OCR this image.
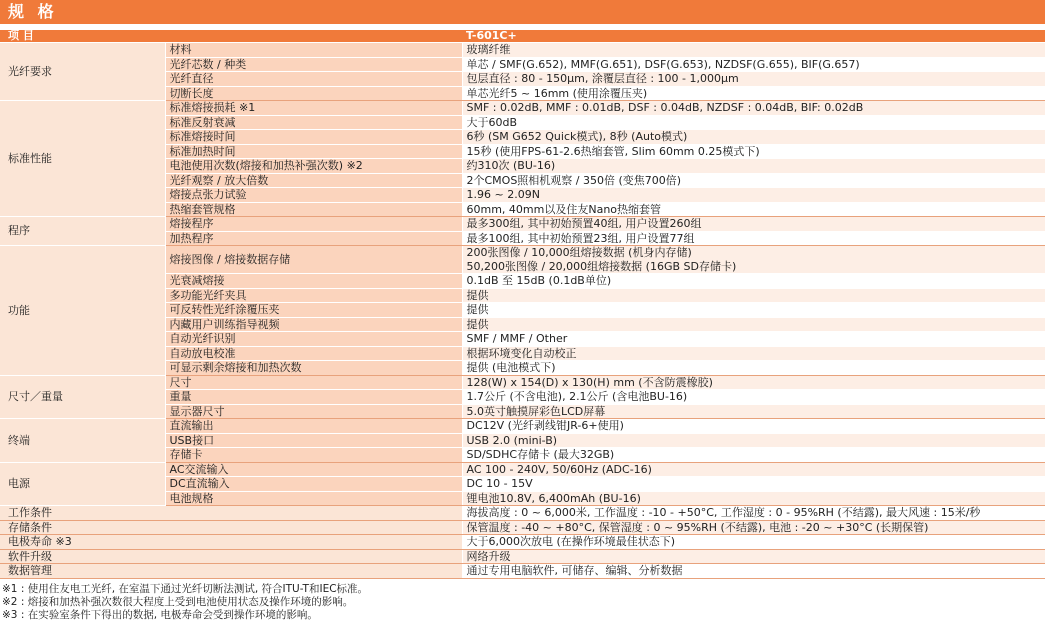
规 格
项 目		T-601C+
光纤要求	材料	玻璃纤维
	光纤芯数 / 种类	单芯 / SMF(G.652), MMF(G.651), DSF(G.653), NZDSF(G.655), BIF(G.657)
	光纤直径	包层直径 : 80 - 150μm, 涂覆层直径 : 100 - 1,000μm
	切断长度	单芯光纤5 ~ 16mm (使用涂覆压夹)
标准性能	标准熔接损耗 ※1	SMF : 0.02dB, MMF : 0.01dB, DSF : 0.04dB, NZDSF : 0.04dB, BIF: 0.02dB
	标准反射衰减	大于60dB
	标准熔接时间	6秒 (SM G652 Quick模式), 8秒 (Auto模式)
	标准加热时间	15秒 (使用FPS-61-2.6热缩套管, Slim 60mm 0.25模式下)
	电池使用次数(熔接和加热补强次数) ※2	约310次 (BU-16)
	光纤观察 / 放大倍数	2个CMOS照相机观察 / 350倍 (变焦700倍)
	熔接点张力试验	1.96 ~ 2.09N
	热缩套管规格	60mm, 40mm以及住友Nano热缩套管
程序	熔接程序	最多300组, 其中初始预置40组, 用户设置260组
	加热程序	最多100组, 其中初始预置23组, 用户设置77组
功能	熔接图像 / 熔接数据存储	200张图像 / 10,000组熔接数据 (机身内存储)
50,200张图像 / 20,000组熔接数据 (16GB SD存储卡)

	光衰减熔接	0.1dB 至 15dB (0.1dB单位)
	多功能光纤夹具	提供
	可反转性光纤涂覆压夹	提供
	内藏用户训练指导视频	提供
	自动光纤识别	SMF / MMF / Other
	自动放电校准	根据环境变化自动校正
	可显示剩余熔接和加热次数	提供 (电池模式下)
尺寸／重量	尺寸	128(W) x 154(D) x 130(H) mm (不含防震橡胶)
	重量	1.7公斤 (不含电池), 2.1公斤 (含电池BU-16)
	显示器尺寸	5.0英寸触摸屏彩色LCD屏幕
终端	直流输出	DC12V (光纤剥线钳JR-6+使用)
	USB接口	USB 2.0 (mini-B)
	存储卡	SD/SDHC存储卡 (最大32GB)
电源	AC交流输入	AC 100 - 240V, 50/60Hz (ADC-16)
	DC直流输入	DC 10 - 15V
	电池规格	锂电池10.8V, 6,400mAh (BU-16)
工作条件		海拔高度 : 0 ~ 6,000米, 工作温度 : -10 - +50°C, 工作湿度 : 0 - 95%RH (不结露), 最大风速 : 15米/秒
存储条件		保管温度 : -40 ~ +80°C, 保管湿度 : 0 ~ 95%RH (不结露), 电池 : -20 ~ +30°C (长期保管)
电极寿命 ※3		大于6,000次放电 (在操作环境最佳状态下)
软件升级		网络升级
数据管理		通过专用电脑软件, 可储存、编辑、分析数据
※1 : 使用住友电工光纤, 在室温下通过光纤切断法测试, 符合ITU-T和IEC标准。
※2 : 熔接和加热补强次数很大程度上受到电池使用状态及操作环境的影响。
※3 : 在实验室条件下得出的数据, 电极寿命会受到操作环境的影响。
